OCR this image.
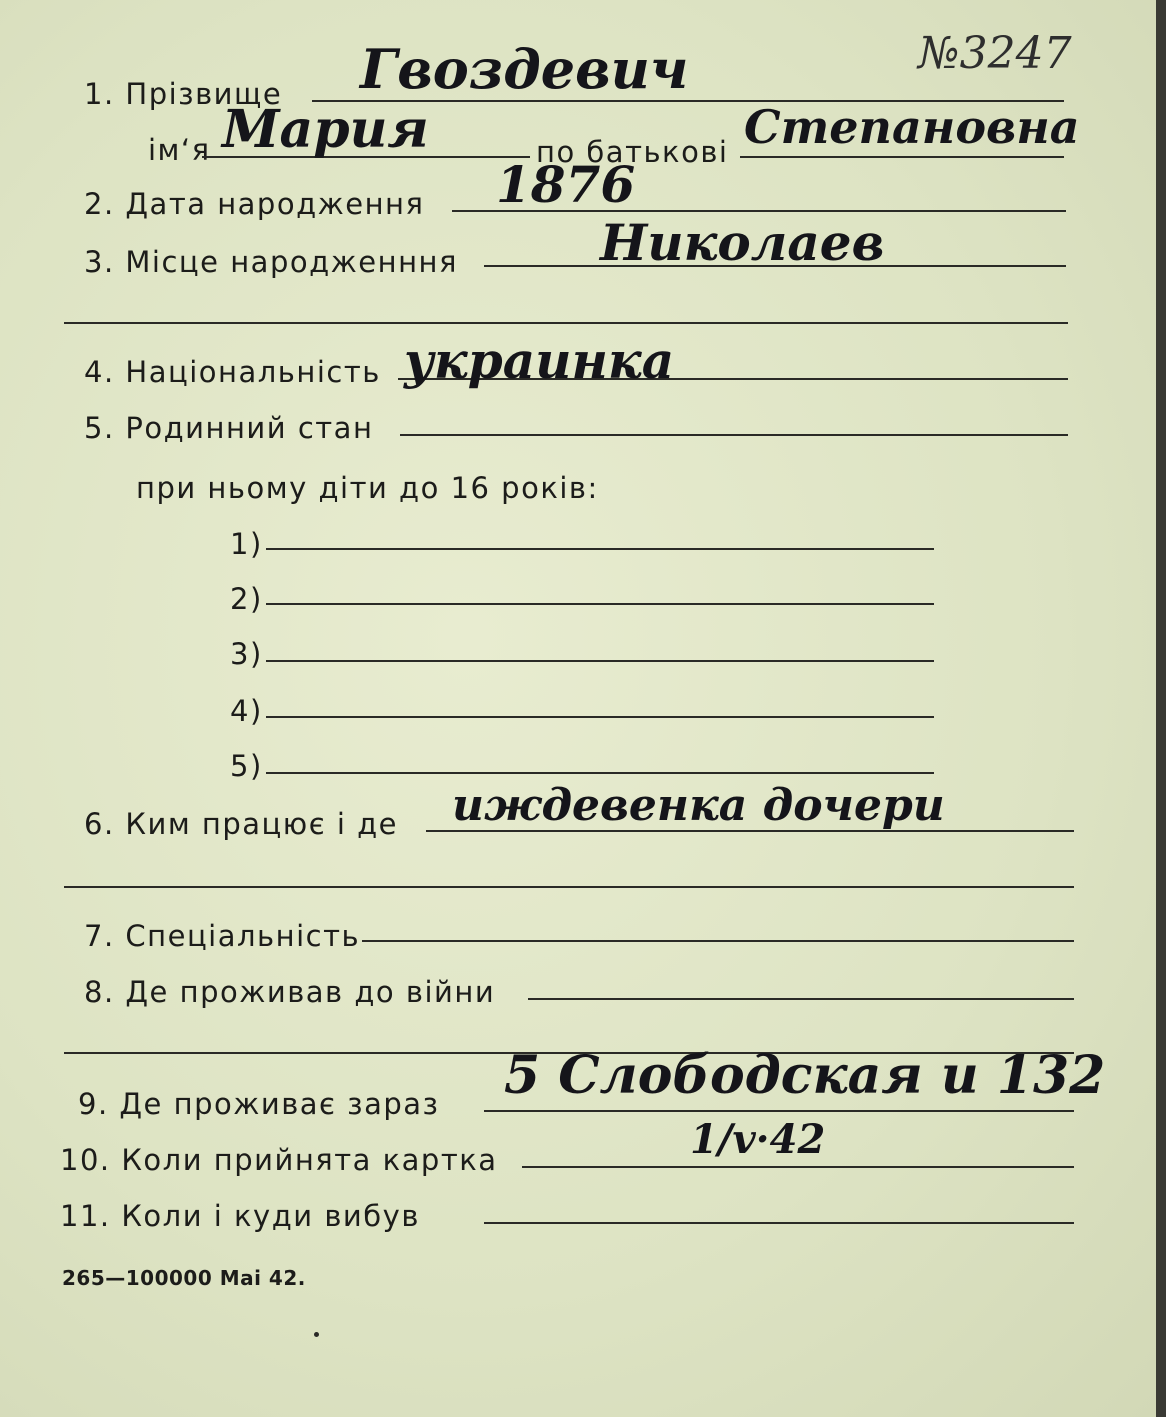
№3247
1. Прізвище Гвоздевич
ім‘я Мария	по батькові Степановна
2. Дата народження 1876
3. Місце народженння	Николаев
4. Національність украинка
5. Родинний стан
при ньому діти до 16 років:
1)
2)
3)
4)
5)
6. Ким працює і де иждевенка дочери
7. Спеціальність
8. Де проживав до війни
9. Де проживає зараз 5 Слободская и 132
10. Коли прийнята картка	1/v·42
11. Коли і куди вибув
265—100000 Mai 42.
